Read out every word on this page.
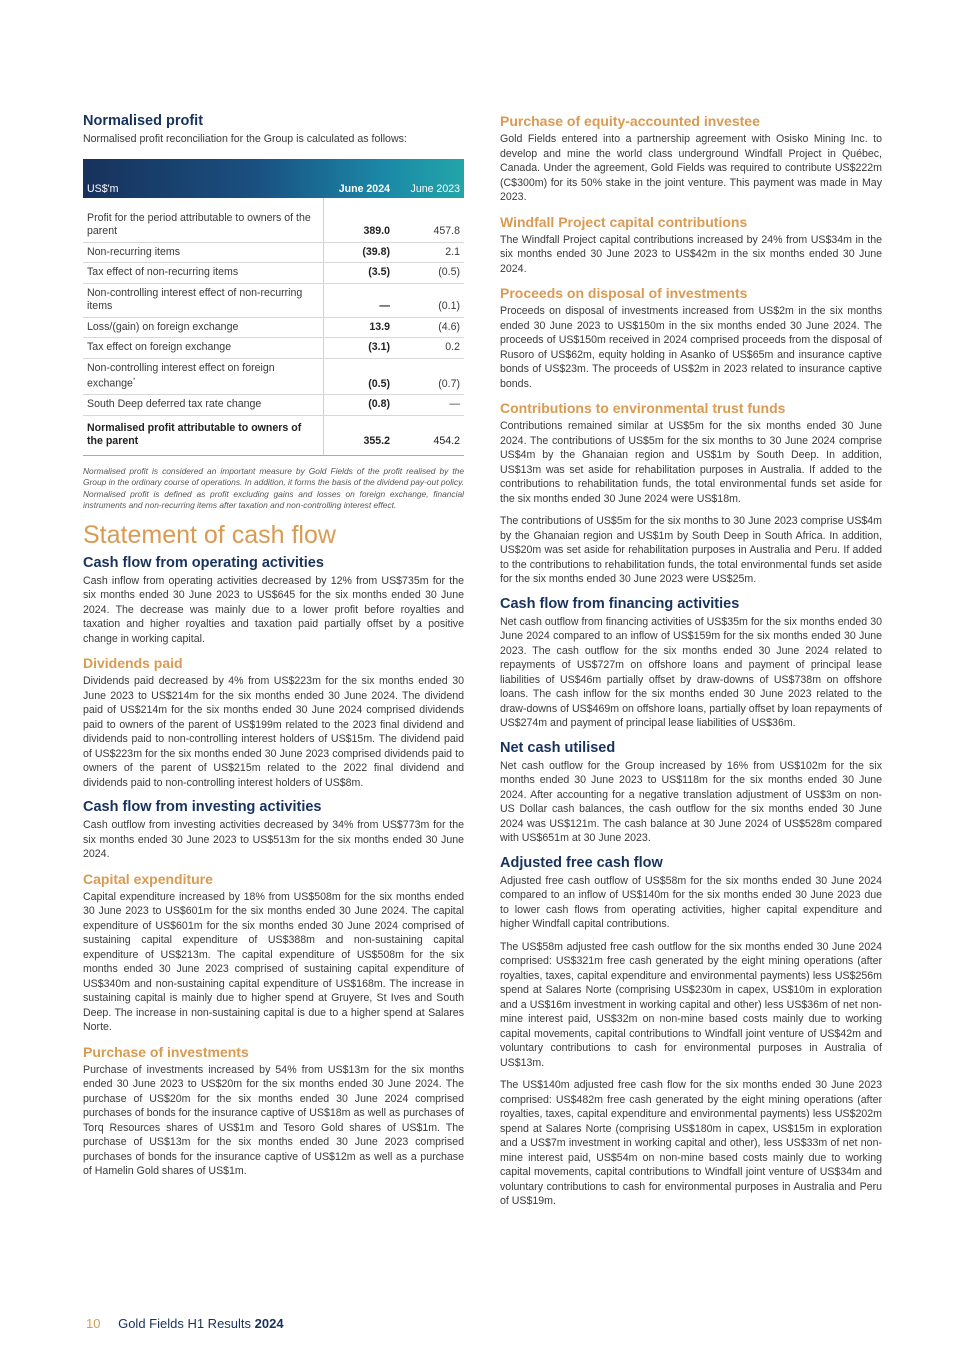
Normalised profit
Normalised profit reconciliation for the Group is calculated as follows:
US$'m	June 2024	June 2023
Profit for the period attributable to owners of the parent	389.0	457.8
Non-recurring items	(39.8)	2.1
Tax effect of non-recurring items	(3.5)	(0.5)
Non-controlling interest effect of non-recurring items	—	(0.1)
Loss/(gain) on foreign exchange	13.9	(4.6)
Tax effect on foreign exchange	(3.1)	0.2
Non-controlling interest effect on foreign exchange*	(0.5)	(0.7)
South Deep deferred tax rate change	(0.8)	—
Normalised profit attributable to owners of the parent	355.2	454.2

Normalised profit is considered an important measure by Gold Fields of the profit realised by the Group in the ordinary course of operations. In addition, it forms the basis of the dividend pay-out policy. Normalised profit is defined as profit excluding gains and losses on foreign exchange, financial instruments and non-recurring items after taxation and non-controlling interest effect.

Statement of cash flow
Cash flow from operating activities

Cash inflow from operating activities decreased by 12% from US$735m for the six months ended 30 June 2023 to US$645 for the six months ended 30 June 2024. The decrease was mainly due to a lower profit before royalties and taxation and higher royalties and taxation paid partially offset by a positive change in working capital.

Dividends paid

Dividends paid decreased by 4% from US$223m for the six months ended 30 June 2023 to US$214m for the six months ended 30 June 2024. The dividend paid of US$214m for the six months ended 30 June 2024 comprised dividends paid to owners of the parent of US$199m related to the 2023 final dividend and dividends paid to non-controlling interest holders of US$15m. The dividend paid of US$223m for the six months ended 30 June 2023 comprised dividends paid to owners of the parent of US$215m related to the 2022 final dividend and dividends paid to non-controlling interest holders of US$8m.

Cash flow from investing activities

Cash outflow from investing activities decreased by 34% from US$773m for the six months ended 30 June 2023 to US$513m for the six months ended 30 June 2024.

Capital expenditure

Capital expenditure increased by 18% from US$508m for the six months ended 30 June 2023 to US$601m for the six months ended 30 June 2024. The capital expenditure of US$601m for the six months ended 30 June 2024 comprised of sustaining capital expenditure of US$388m and non-sustaining capital expenditure of US$213m. The capital expenditure of US$508m for the six months ended 30 June 2023 comprised of sustaining capital expenditure of US$340m and non-sustaining capital expenditure of US$168m. The increase in sustaining capital is mainly due to higher spend at Gruyere, St Ives and South Deep. The increase in non-sustaining capital is due to a higher spend at Salares Norte.

Purchase of investments

Purchase of investments increased by 54% from US$13m for the six months ended 30 June 2023 to US$20m for the six months ended 30 June 2024. The purchase of US$20m for the six months ended 30 June 2024 comprised purchases of bonds for the insurance captive of US$18m as well as purchases of Torq Resources shares of US$1m and Tesoro Gold shares of US$1m. The purchase of US$13m for the six months ended 30 June 2023 comprised purchases of bonds for the insurance captive of US$12m as well as a purchase of Hamelin Gold shares of US$1m.

Purchase of equity-accounted investee

Gold Fields entered into a partnership agreement with Osisko Mining Inc. to develop and mine the world class underground Windfall Project in Québec, Canada. Under the agreement, Gold Fields was required to contribute US$222m (C$300m) for its 50% stake in the joint venture. This payment was made in May 2023.

Windfall Project capital contributions

The Windfall Project capital contributions increased by 24% from US$34m in the six months ended 30 June 2023 to US$42m in the six months ended 30 June 2024.

Proceeds on disposal of investments

Proceeds on disposal of investments increased from US$2m in the six months ended 30 June 2023 to US$150m in the six months ended 30 June 2024. The proceeds of US$150m received in 2024 comprised proceeds from the disposal of Rusoro of US$62m, equity holding in Asanko of US$65m and insurance captive bonds of US$23m. The proceeds of US$2m in 2023 related to insurance captive bonds.

Contributions to environmental trust funds

Contributions remained similar at US$5m for the six months ended 30 June 2024. The contributions of US$5m for the six months to 30 June 2024 comprise US$4m by the Ghanaian region and US$1m by South Deep. In addition, US$13m was set aside for rehabilitation purposes in Australia. If added to the contributions to rehabilitation funds, the total environmental funds set aside for the six months ended 30 June 2024 were US$18m.

The contributions of US$5m for the six months to 30 June 2023 comprise US$4m by the Ghanaian region and US$1m by South Deep in South Africa. In addition, US$20m was set aside for rehabilitation purposes in Australia and Peru. If added to the contributions to rehabilitation funds, the total environmental funds set aside for the six months ended 30 June 2023 were US$25m.

Cash flow from financing activities

Net cash outflow from financing activities of US$35m for the six months ended 30 June 2024 compared to an inflow of US$159m for the six months ended 30 June 2023. The cash outflow for the six months ended 30 June 2024 related to repayments of US$727m on offshore loans and payment of principal lease liabilities of US$46m partially offset by draw-downs of US$738m on offshore loans. The cash inflow for the six months ended 30 June 2023 related to the draw-downs of US$469m on offshore loans, partially offset by loan repayments of US$274m and payment of principal lease liabilities of US$36m.

Net cash utilised

Net cash outflow for the Group increased by 16% from US$102m for the six months ended 30 June 2023 to US$118m for the six months ended 30 June 2024. After accounting for a negative translation adjustment of US$3m on non-US Dollar cash balances, the cash outflow for the six months ended 30 June 2024 was US$121m. The cash balance at 30 June 2024 of US$528m compared with US$651m at 30 June 2023.

Adjusted free cash flow

Adjusted free cash outflow of US$58m for the six months ended 30 June 2024 compared to an inflow of US$140m for the six months ended 30 June 2023 due to lower cash flows from operating activities, higher capital expenditure and higher Windfall capital contributions.

The US$58m adjusted free cash outflow for the six months ended 30 June 2024 comprised: US$321m free cash generated by the eight mining operations (after royalties, taxes, capital expenditure and environmental payments) less US$256m spend at Salares Norte (comprising US$230m in capex, US$10m in exploration and a US$16m investment in working capital and other) less US$36m of net non-mine interest paid, US$32m on non-mine based costs mainly due to working capital movements, capital contributions to Windfall joint venture of US$42m and voluntary contributions to cash for environmental purposes in Australia of US$13m.

The US$140m adjusted free cash flow for the six months ended 30 June 2023 comprised: US$482m free cash generated by the eight mining operations (after royalties, taxes, capital expenditure and environmental payments) less US$202m spend at Salares Norte (comprising US$180m in capex, US$15m in exploration and a US$7m investment in working capital and other), less US$33m of net non-mine interest paid, US$54m on non-mine based costs mainly due to working capital movements, capital contributions to Windfall joint venture of US$34m and voluntary contributions to cash for environmental purposes in Australia and Peru of US$19m.

10 Gold Fields H1 Results 2024
